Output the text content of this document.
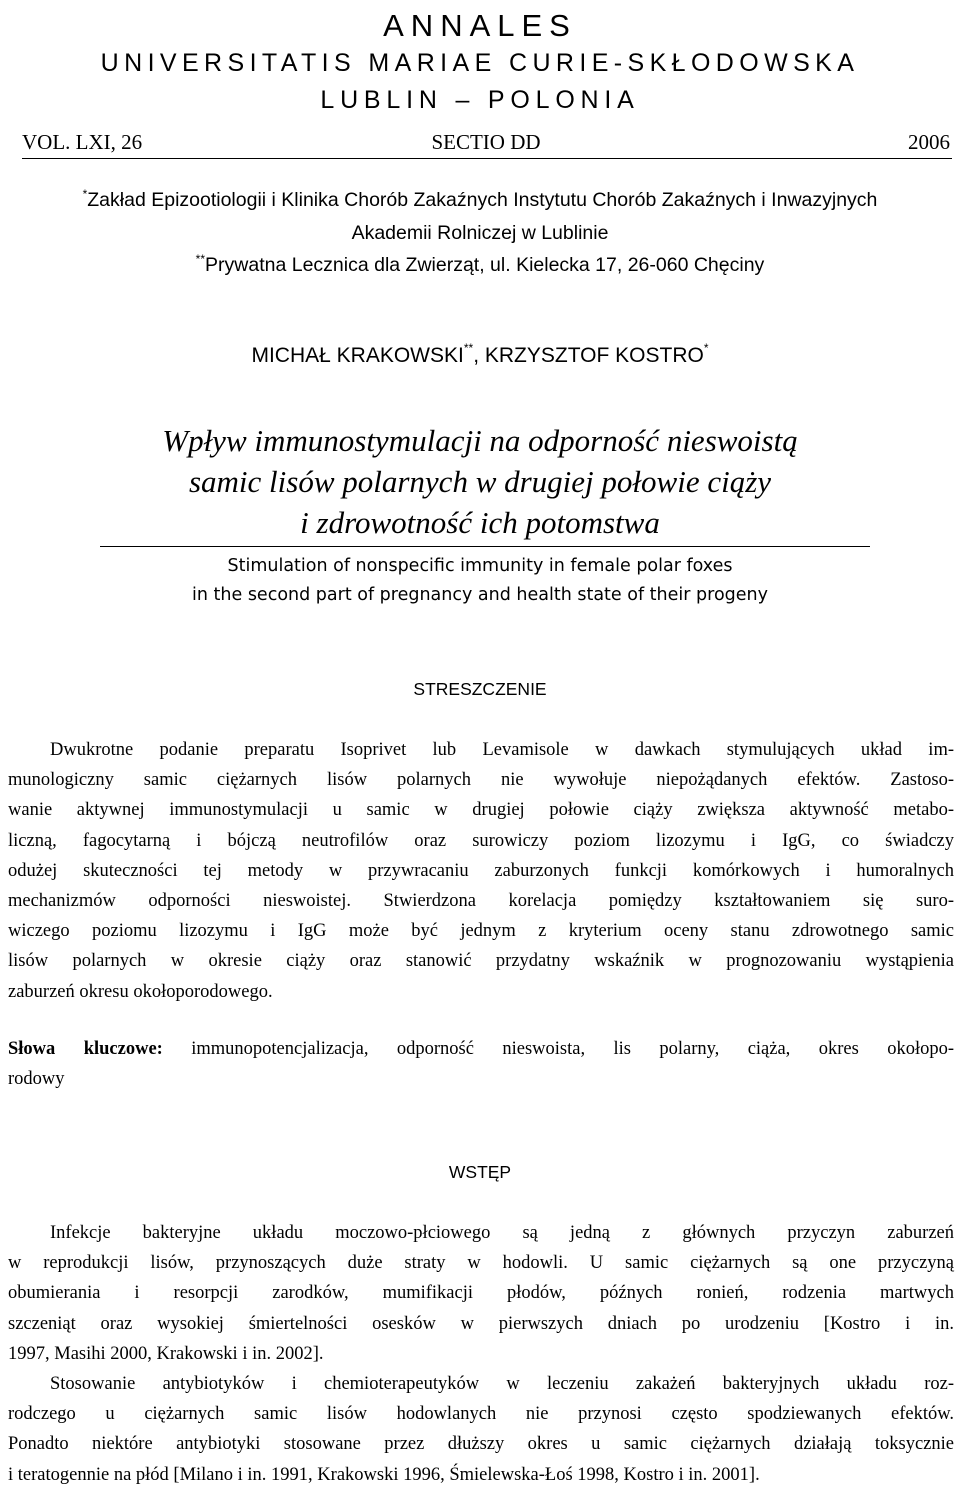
ANNALES
UNIVERSITATIS MARIAE CURIE-SKŁODOWSKA
LUBLIN – POLONIA
VOL. LXI, 26	SECTIO DD	2006
*Zakład Epizootiologii i Klinika Chorób Zakaźnych Instytutu Chorób Zakaźnych i Inwazyjnych
Akademii Rolniczej w Lublinie
**Prywatna Lecznica dla Zwierząt, ul. Kielecka 17, 26-060 Chęciny
MICHAŁ KRAKOWSKI**, KRZYSZTOF KOSTRO*
Wpływ immunostymulacji na odporność nieswoistą
samic lisów polarnych w drugiej połowie ciąży
i zdrowotność ich potomstwa
Stimulation of nonspecific immunity in female polar foxes
in the second part of pregnancy and health state of their progeny
STRESZCZENIE
Dwukrotne podanie preparatu Isoprivet lub Levamisole w dawkach stymulujących układ im-
munologiczny samic ciężarnych lisów polarnych nie wywołuje niepożądanych efektów. Zastoso-
wanie aktywnej immunostymulacji u samic w drugiej połowie ciąży zwiększa aktywność metabo-
liczną, fagocytarną i bójczą neutrofilów oraz surowiczy poziom lizozymu i IgG, co świadczy
odużej skuteczności tej metody w przywracaniu zaburzonych funkcji komórkowych i humoralnych
mechanizmów odporności nieswoistej. Stwierdzona korelacja pomiędzy kształtowaniem się suro-
wiczego poziomu lizozymu i IgG może być jednym z kryterium oceny stanu zdrowotnego samic
lisów polarnych w okresie ciąży oraz stanowić przydatny wskaźnik w prognozowaniu wystąpienia
zaburzeń okresu okołoporodowego.
Słowa kluczowe: immunopotencjalizacja, odporność nieswoista, lis polarny, ciąża, okres okołopo-
rodowy
WSTĘP
Infekcje bakteryjne układu moczowo-płciowego są jedną z głównych przyczyn zaburzeń
w reprodukcji lisów, przynoszących duże straty w hodowli. U samic ciężarnych są one przyczyną
obumierania i resorpcji zarodków, mumifikacji płodów, późnych ronień, rodzenia martwych
szczeniąt oraz wysokiej śmiertelności osesków w pierwszych dniach po urodzeniu [Kostro i in.
1997, Masihi 2000, Krakowski i in. 2002].
Stosowanie antybiotyków i chemioterapeutyków w leczeniu zakażeń bakteryjnych układu roz-
rodczego u ciężarnych samic lisów hodowlanych nie przynosi często spodziewanych efektów.
Ponadto niektóre antybiotyki stosowane przez dłuższy okres u samic ciężarnych działają toksycznie
i teratogennie na płód [Milano i in. 1991, Krakowski 1996, Śmielewska-Łoś 1998, Kostro i in. 2001].
